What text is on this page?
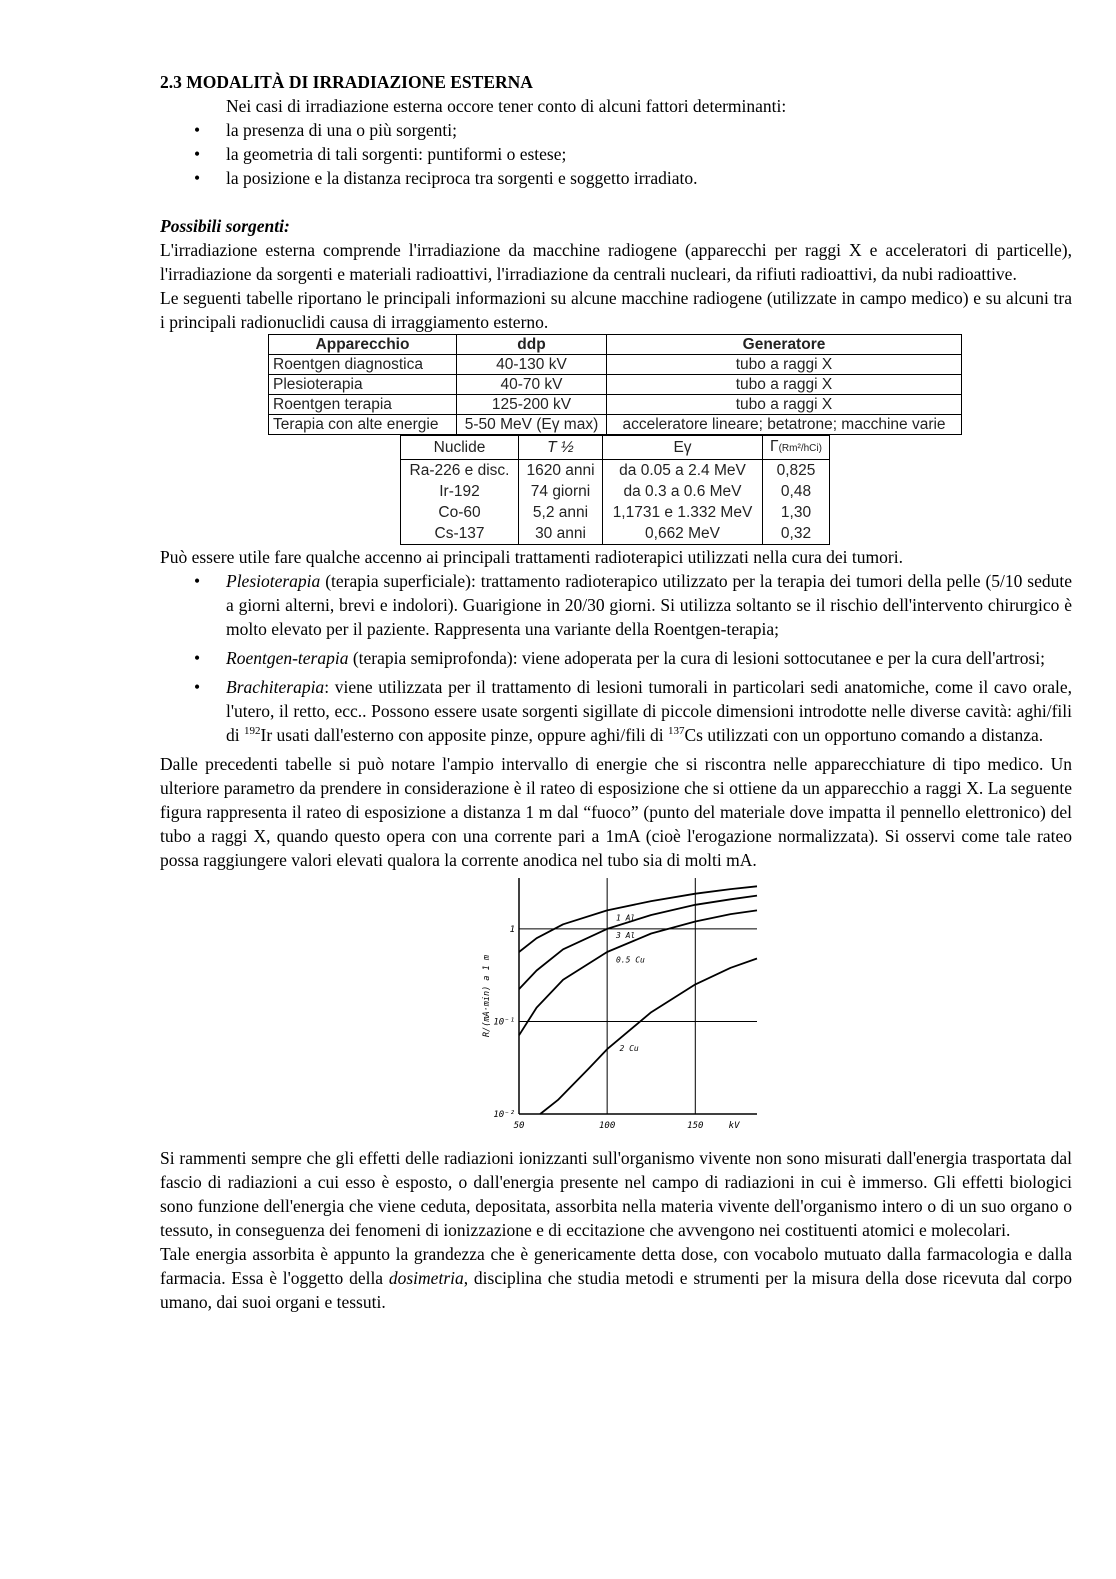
2.3 MODALITÀ DI IRRADIAZIONE ESTERNA

Nei casi di irradiazione esterna occore tener conto di alcuni fattori determinanti:

• la presenza di una o più sorgenti;
• la geometria di tali sorgenti: puntiformi o estese;
• la posizione e la distanza reciproca tra sorgenti e soggetto irradiato.
Possibili sorgenti:

L'irradiazione esterna comprende l'irradiazione da macchine radiogene (apparecchi per raggi X e acceleratori di particelle), l'irradiazione da sorgenti e materiali radioattivi, l'irradiazione da centrali nucleari, da rifiuti radioattivi, da nubi radioattive.

Le seguenti tabelle riportano le principali informazioni su alcune macchine radiogene (utilizzate in campo medico) e su alcuni tra i principali radionuclidi causa di irraggiamento esterno.

Apparecchio	ddp	Generatore
Roentgen diagnostica	40-130 kV	tubo a raggi X
Plesioterapia	40-70 kV	tubo a raggi X
Roentgen terapia	125-200 kV	tubo a raggi X
Terapia con alte energie	5-50 MeV (Eγ max)	acceleratore lineare; betatrone; macchine varie
Nuclide	T ½	Eγ	Γ(Rm²/hCi)
Ra-226 e disc.	1620 anni	da 0.05 a 2.4 MeV	0,825
Ir-192	74 giorni	da 0.3 a 0.6 MeV	0,48
Co-60	5,2 anni	1,1731 e 1.332 MeV	1,30
Cs-137	30 anni	0,662 MeV	0,32

Può essere utile fare qualche accenno ai principali trattamenti radioterapici utilizzati nella cura dei tumori.

• Plesioterapia (terapia superficiale): trattamento radioterapico utilizzato per la terapia dei tumori della pelle (5/10 sedute a giorni alterni, brevi e indolori). Guarigione in 20/30 giorni. Si utilizza soltanto se il rischio dell'intervento chirurgico è molto elevato per il paziente. Rappresenta una variante della Roentgen-terapia;
• Roentgen-terapia (terapia semiprofonda): viene adoperata per la cura di lesioni sottocutanee e per la cura dell'artrosi;
• Brachiterapia: viene utilizzata per il trattamento di lesioni tumorali in particolari sedi anatomiche, come il cavo orale, l'utero, il retto, ecc.. Possono essere usate sorgenti sigillate di piccole dimensioni introdotte nelle diverse cavità: aghi/fili di $^{192}$Ir usati dall'esterno con apposite pinze, oppure aghi/fili di $^{137}$Cs utilizzati con un opportuno comando a distanza.

Dalle precedenti tabelle si può notare l'ampio intervallo di energie che si riscontra nelle apparecchiature di tipo medico. Un ulteriore parametro da prendere in considerazione è il rateo di esposizione che si ottiene da un apparecchio a raggi X. La seguente figura rappresenta il rateo di esposizione a distanza 1 m dal “fuoco” (punto del materiale dove impatta il pennello elettronico) del tubo a raggi X, quando questo opera con una corrente pari a 1mA (cioè l'erogazione normalizzata). Si osservi come tale rateo possa raggiungere valori elevati qualora la corrente anodica nel tubo sia di molti mA.

50	100	150	kV
10⁻²
10⁻¹
1
R/(mA·min) a 1 m
1 Al
3 Al
0.5 Cu
2 Cu

Si rammenti sempre che gli effetti delle radiazioni ionizzanti sull'organismo vivente non sono misurati dall'energia trasportata dal fascio di radiazioni a cui esso è esposto, o dall'energia presente nel campo di radiazioni in cui è immerso. Gli effetti biologici sono funzione dell'energia che viene ceduta, depositata, assorbita nella materia vivente dell'organismo intero o di un suo organo o tessuto, in conseguenza dei fenomeni di ionizzazione e di eccitazione che avvengono nei costituenti atomici e molecolari.

Tale energia assorbita è appunto la grandezza che è genericamente detta dose, con vocabolo mutuato dalla farmacologia e dalla farmacia. Essa è l'oggetto della dosimetria, disciplina che studia metodi e strumenti per la misura della dose ricevuta dal corpo umano, dai suoi organi e tessuti.
